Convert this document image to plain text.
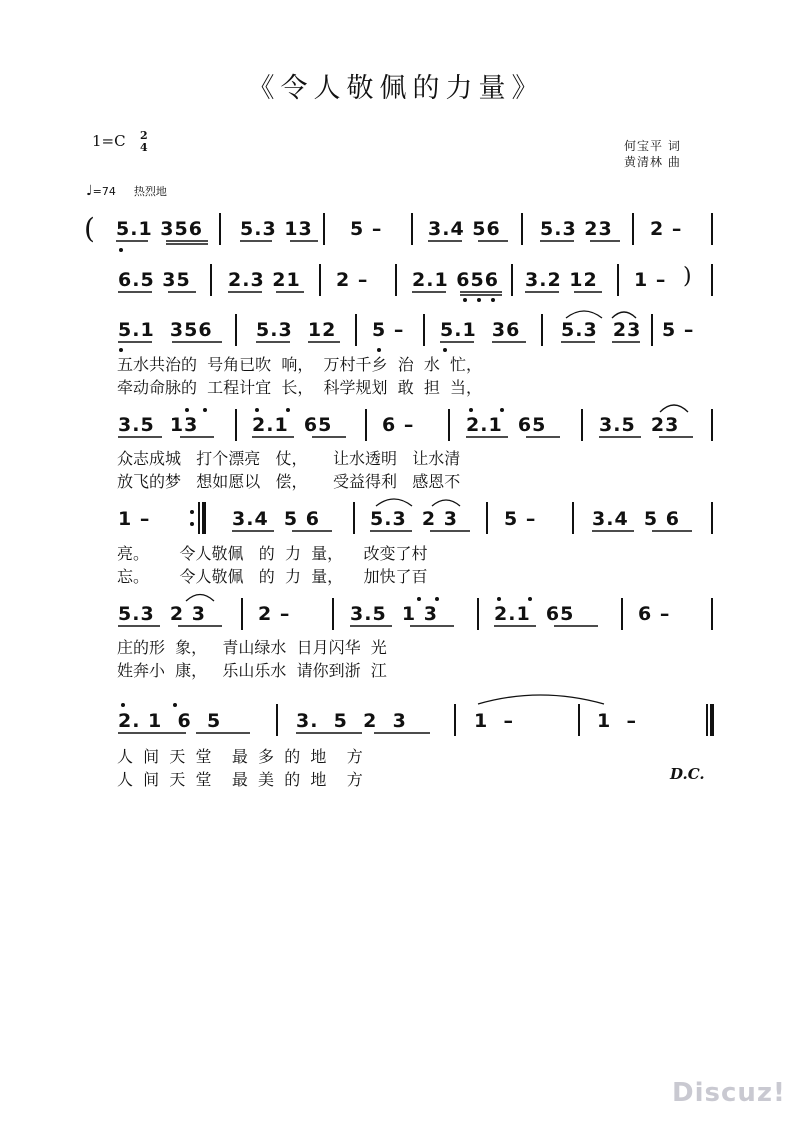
《令人敬佩的力量》
1=C 2
4	何宝平 词
黄清林 曲
♩=74 热烈地
( 5.1 356 5.3 13 5 – 3.4 56 5.3 23 2 –
6.5 35 2.3 21 2 – 2.1 656 3.2 12 1 – )
5.1  356 5.3  12 5 – 5.1  36 5.3  23 5 –
五水共治的  号角已吹  响，  万村千乡  治  水  忙，
牵动命脉的  工程计宜  长，  科学规划  敢  担  当，
3.5  13	2.1  65	6 –	2.1  65	3.5  23
众志成城   打个漂亮   仗，     让水透明   让水清
放飞的梦   想如愿以   偿，     受益得利   感恩不
1 –	3.4  5 6	5.3  2 3 5 –	3.4  5 6
亮。      令人敬佩   的  力  量，    改变了村
忘。      令人敬佩   的  力  量，    加快了百
5.3  2 3	2 –	3.5  1 3	2.1  65	6 –
庄的形  象，   青山绿水  日月闪华  光
姓奔小  康，   乐山乐水  请你到浙  江
2. 1  6  5	3.  5  2  3	1  –	1  –
人  间  天  堂    最  多  的  地    方
人  间  天  堂    最  美  的  地    方	D.C.
Discuz!
